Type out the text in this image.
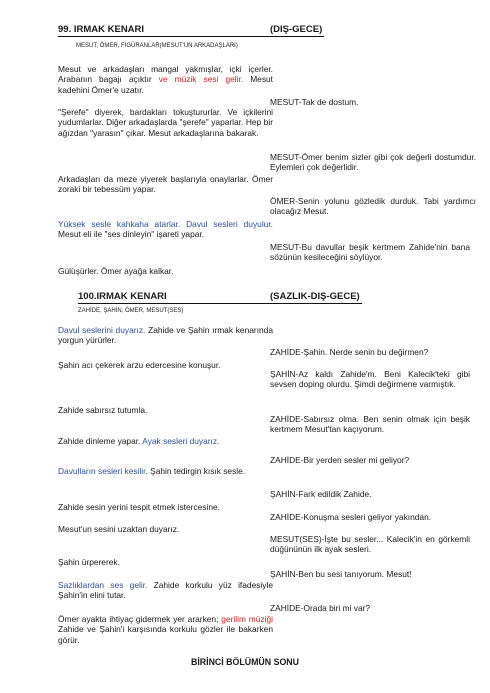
99. IRMAK KENARI	(DIŞ-GECE)

MESUT, ÖMER, FİGÜRANLAR(MESUT'UN ARKADAŞLARI)

Mesut ve arkadaşları mangal yakmışlar, içki içerler. Arabanın bagajı açıktır ve müzik sesi gelir. Mesut kadehini Ömer'e uzatır.

MESUT-Tak de dostum.

"Şerefe" diyerek, bardakları tokuştururlar. Ve içkilerini yudumlarlar. Diğer arkadaşlarda "şerefe" yaparlar. Hep bir ağızdan "yarasın" çıkar. Mesut arkadaşlarına bakarak.

MESUT-Ömer benim sizler gibi çok değerli dostumdur. Eylemleri çok değerlidir.

Arkadaşları da meze yiyerek başlarıyla onaylarlar. Ömer zoraki bir tebessüm yapar.

ÖMER-Senin yolunu gözledik durduk. Tabi yardımcı olacağız Mesut.

Yüksek sesle kahkaha atarlar. Davul sesleri duyulur. Mesut eli ile "ses dinleyin" işareti yapar.

MESUT-Bu davullar beşik kertmem Zahide'nin bana sözünün kesileceğini söylüyor.

Gülüşürler. Ömer ayağa kalkar.

100.IRMAK KENARI	(SAZLIK-DIŞ-GECE)

ZAHİDE, ŞAHİN, ÖMER, MESUT(SES)

Davul seslerini duyarız. Zahide ve Şahin ırmak kenarında yorgun yürürler.

ZAHİDE-Şahin. Nerde senin bu değirmen?

Şahin acı çekerek arzu edercesine konuşur.

ŞAHİN-Az kaldı Zahide'm. Beni Kalecik'teki gibi sevsen doping olurdu. Şimdi değirmene varmıştık.

Zahide sabırsız tutumla.

ZAHİDE-Sabırsız olma. Ben senin olmak için beşik kertmem Mesut'tan kaçıyorum.

Zahide dinleme yapar. Ayak sesleri duyarız.

ZAHİDE-Bir yerden sesler mi geliyor?

Davulların sesleri kesilir. Şahin tedirgin kısık sesle.

ŞAHİN-Fark edildik Zahide.

Zahide sesin yerini tespit etmek istercesine.

ZAHİDE-Konuşma sesleri geliyor yakından.

Mesut'un sesini uzaktan duyarız.

MESUT(SES)-İşte bu sesler... Kalecik'in en görkemli düğününün ilk ayak sesleri.

Şahin ürpererek.

ŞAHİN-Ben bu sesi tanıyorum. Mesut!

Sazlıklardan ses gelir. Zahide korkulu yüz ifadesiyle Şahin'in elini tutar.

ZAHİDE-Orada biri mi var?

Ömer ayakta ihtiyaç gidermek yer ararken; gerilim müziği Zahide ve Şahin'i karşısında korkulu gözler ile bakarken görür.

BİRİNCİ BÖLÜMÜN SONU
